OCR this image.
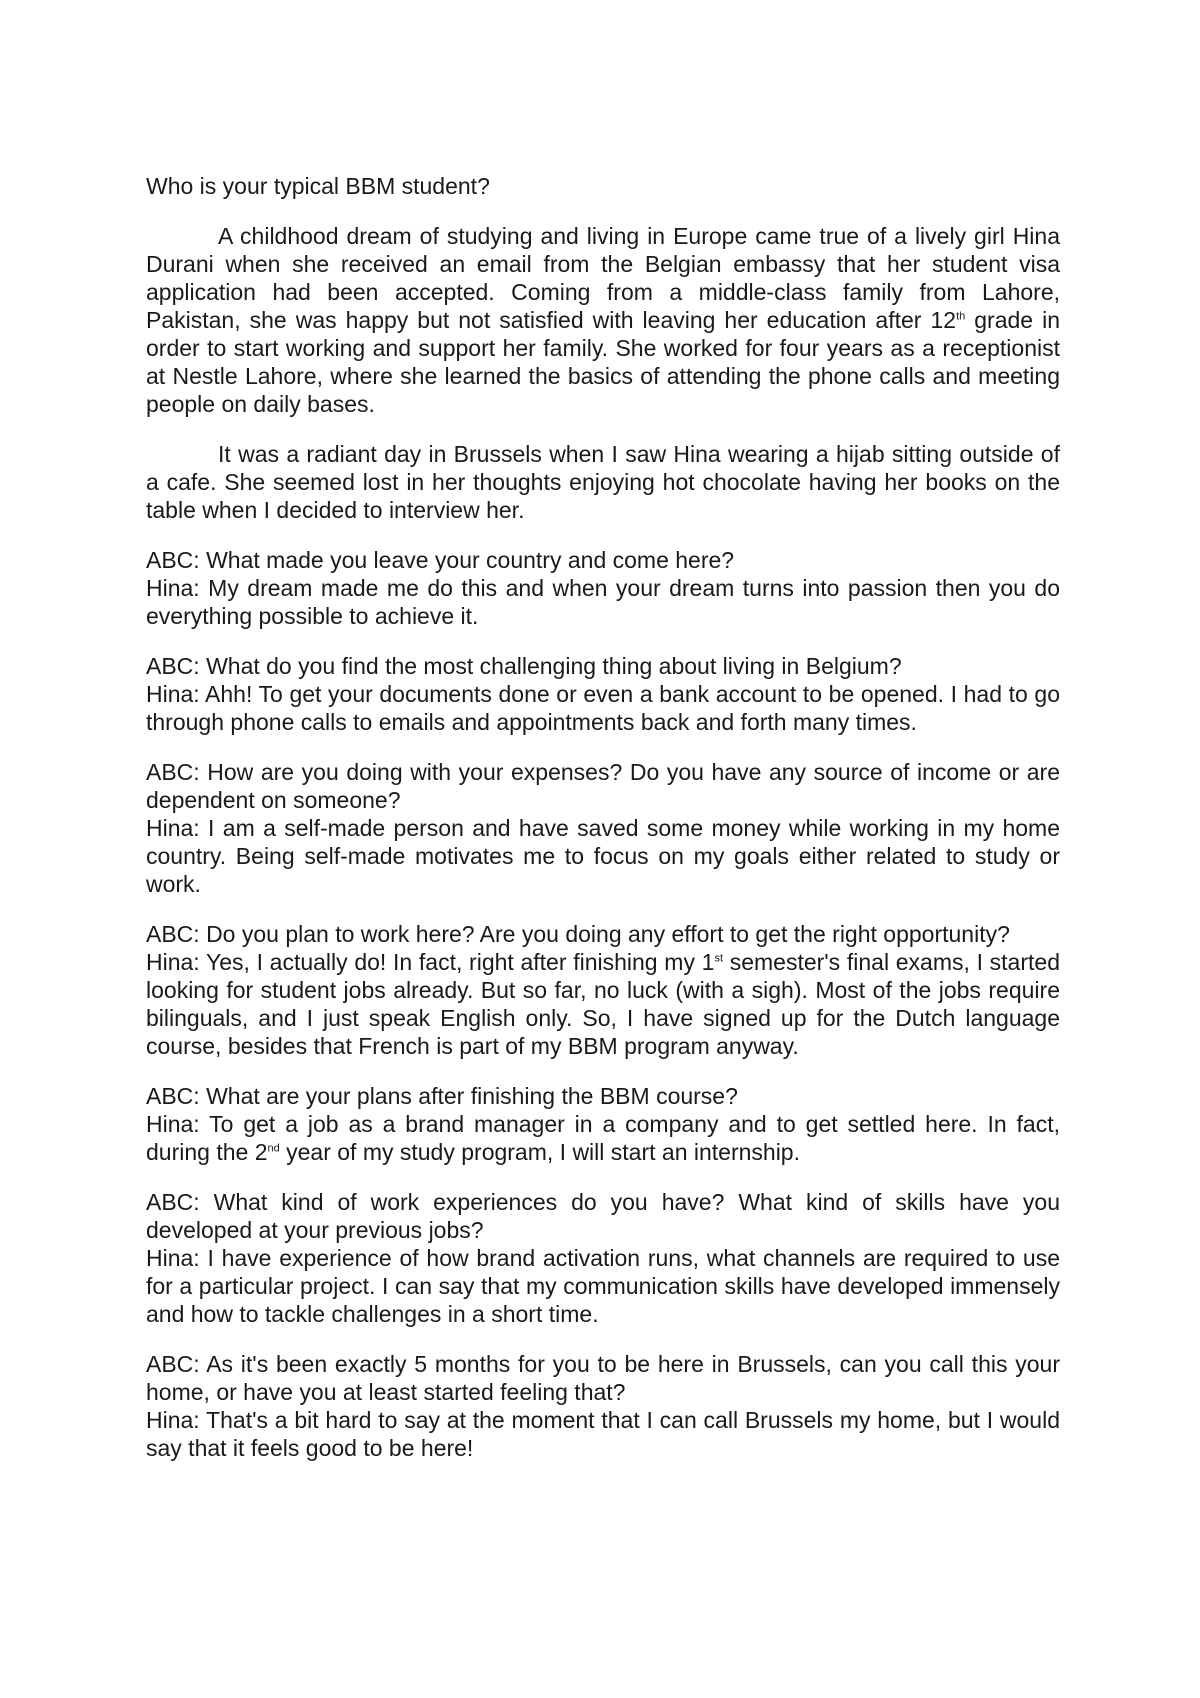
Who is your typical BBM student?

A childhood dream of studying and living in Europe came true of a lively girl Hina Durani when she received an email from the Belgian embassy that her student visa application had been accepted. Coming from a middle-class family from Lahore, Pakistan, she was happy but not satisfied with leaving her education after 12th grade in order to start working and support her family. She worked for four years as a receptionist at Nestle Lahore, where she learned the basics of attending the phone calls and meeting people on daily bases.

It was a radiant day in Brussels when I saw Hina wearing a hijab sitting outside of a cafe. She seemed lost in her thoughts enjoying hot chocolate having her books on the table when I decided to interview her.

ABC: What made you leave your country and come here?
Hina: My dream made me do this and when your dream turns into passion then you do everything possible to achieve it.
ABC: What do you find the most challenging thing about living in Belgium?
Hina: Ahh! To get your documents done or even a bank account to be opened. I had to go through phone calls to emails and appointments back and forth many times.
ABC: How are you doing with your expenses? Do you have any source of income or are dependent on someone?
Hina: I am a self-made person and have saved some money while working in my home country. Being self-made motivates me to focus on my goals either related to study or work.
ABC: Do you plan to work here? Are you doing any effort to get the right opportunity?
Hina: Yes, I actually do! In fact, right after finishing my 1st semester's final exams, I started looking for student jobs already. But so far, no luck (with a sigh). Most of the jobs require bilinguals, and I just speak English only. So, I have signed up for the Dutch language course, besides that French is part of my BBM program anyway.
ABC: What are your plans after finishing the BBM course?
Hina: To get a job as a brand manager in a company and to get settled here. In fact, during the 2nd year of my study program, I will start an internship.
ABC: What kind of work experiences do you have? What kind of skills have you developed at your previous jobs?
Hina: I have experience of how brand activation runs, what channels are required to use for a particular project. I can say that my communication skills have developed immensely and how to tackle challenges in a short time.
ABC: As it's been exactly 5 months for you to be here in Brussels, can you call this your home, or have you at least started feeling that?
Hina: That's a bit hard to say at the moment that I can call Brussels my home, but I would say that it feels good to be here!
